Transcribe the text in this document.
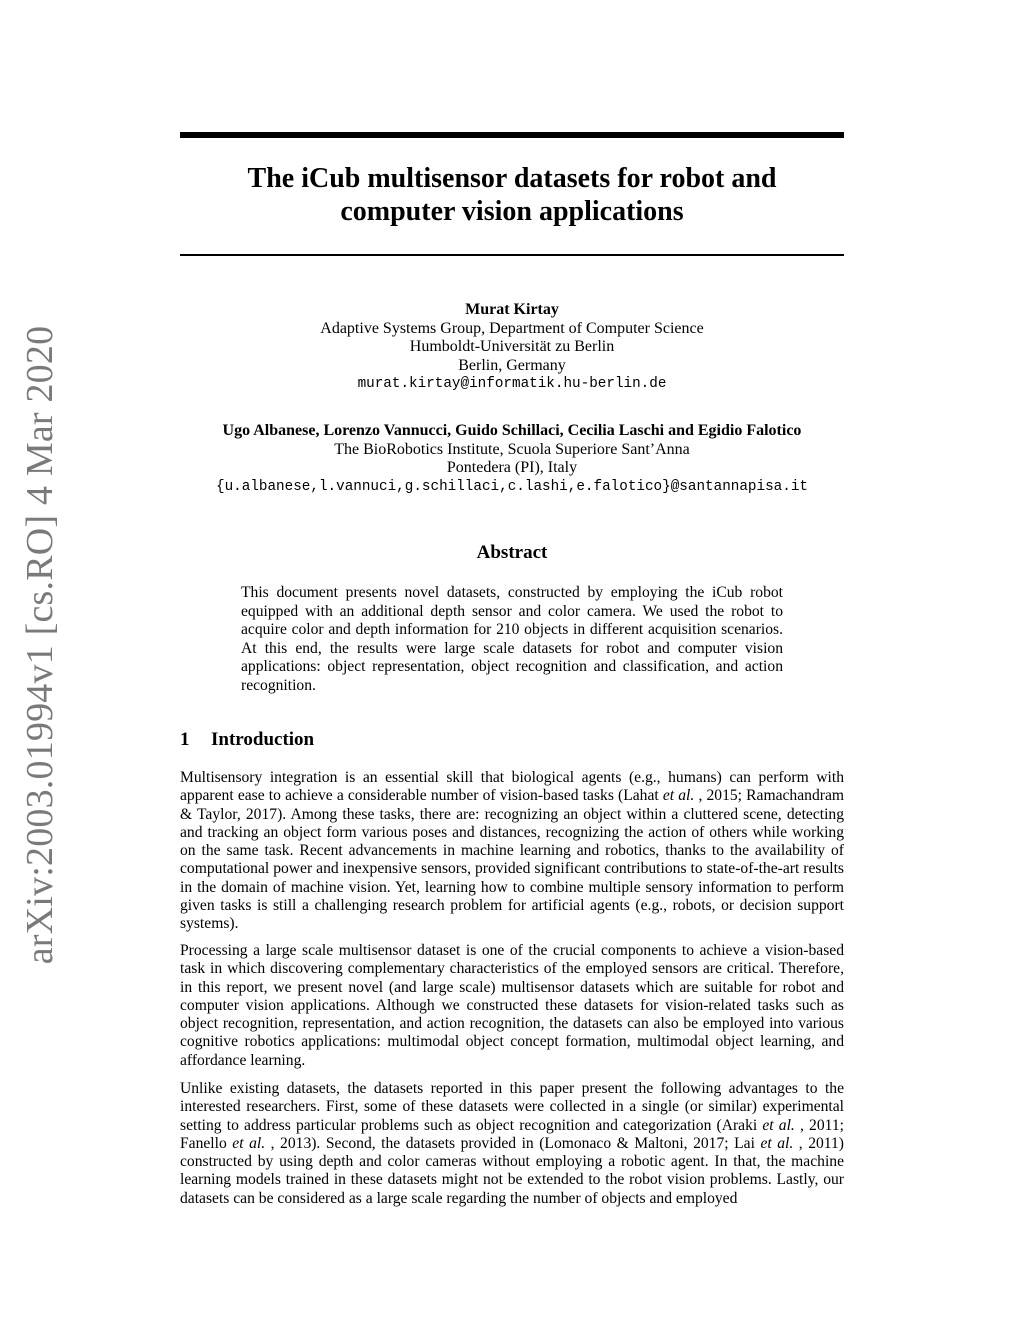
arXiv:2003.01994v1 [cs.RO] 4 Mar 2020
The iCub multisensor datasets for robot and
computer vision applications
Murat Kirtay
Adaptive Systems Group, Department of Computer Science
Humboldt-Universität zu Berlin
Berlin, Germany
murat.kirtay@informatik.hu-berlin.de
Ugo Albanese, Lorenzo Vannucci, Guido Schillaci, Cecilia Laschi and Egidio Falotico
The BioRobotics Institute, Scuola Superiore Sant’Anna
Pontedera (PI), Italy
{u.albanese,l.vannuci,g.schillaci,c.lashi,e.falotico}@santannapisa.it
Abstract
This document presents novel datasets, constructed by employing the iCub robot equipped with an additional depth sensor and color camera. We used the robot to acquire color and depth information for 210 objects in different acquisition scenarios. At this end, the results were large scale datasets for robot and computer vision applications: object representation, object recognition and classification, and action recognition.
1 Introduction

Multisensory integration is an essential skill that biological agents (e.g., humans) can perform with apparent ease to achieve a considerable number of vision-based tasks (Lahat et al. , 2015; Ramachandram & Taylor, 2017). Among these tasks, there are: recognizing an object within a cluttered scene, detecting and tracking an object form various poses and distances, recognizing the action of others while working on the same task. Recent advancements in machine learning and robotics, thanks to the availability of computational power and inexpensive sensors, provided significant contributions to state-of-the-art results in the domain of machine vision. Yet, learning how to combine multiple sensory information to perform given tasks is still a challenging research problem for artificial agents (e.g., robots, or decision support systems).

Processing a large scale multisensor dataset is one of the crucial components to achieve a vision-based task in which discovering complementary characteristics of the employed sensors are critical. Therefore, in this report, we present novel (and large scale) multisensor datasets which are suitable for robot and computer vision applications. Although we constructed these datasets for vision-related tasks such as object recognition, representation, and action recognition, the datasets can also be employed into various cognitive robotics applications: multimodal object concept formation, multimodal object learning, and affordance learning.

Unlike existing datasets, the datasets reported in this paper present the following advantages to the interested researchers. First, some of these datasets were collected in a single (or similar) experimental setting to address particular problems such as object recognition and categorization (Araki et al. , 2011; Fanello et al. , 2013). Second, the datasets provided in (Lomonaco & Maltoni, 2017; Lai et al. , 2011) constructed by using depth and color cameras without employing a robotic agent. In that, the machine learning models trained in these datasets might not be extended to the robot vision problems. Lastly, our datasets can be considered as a large scale regarding the number of objects and employed
